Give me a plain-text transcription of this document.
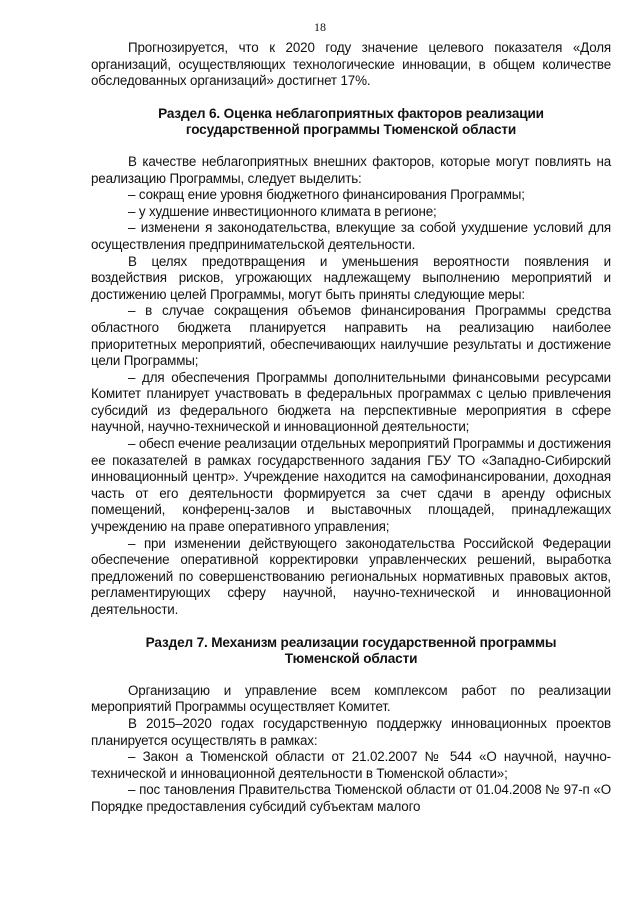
18

Прогнозируется, что к 2020 году значение целевого показателя «Доля организаций, осуществляющих технологические инновации, в общем количестве обследованных организаций» достигнет 17%.

Раздел 6. Оценка неблагоприятных факторов реализации
государственной программы Тюменской области

В качестве неблагоприятных внешних факторов, которые могут повлиять на реализацию Программы, следует выделить:

– сокращ ение уровня бюджетного финансирования Программы;

– у худшение инвестиционного климата в регионе;

– изменени я законодательства, влекущие за собой ухудшение условий для осуществления предпринимательской деятельности.

В целях предотвращения и уменьшения вероятности появления и воздействия рисков, угрожающих надлежащему выполнению мероприятий и достижению целей Программы, могут быть приняты следующие меры:

– в случае сокращения объемов финансирования Программы средства областного бюджета планируется направить на реализацию наиболее приоритетных мероприятий, обеспечивающих наилучшие результаты и достижение цели Программы;

– для обеспечения Программы дополнительными финансовыми ресурсами Комитет планирует участвовать в федеральных программах с целью привлечения субсидий из федерального бюджета на перспективные мероприятия в сфере научной, научно-технической и инновационной деятельности;

– обесп ечение реализации отдельных мероприятий Программы и достижения ее показателей в рамках государственного задания ГБУ ТО «Западно-Сибирский инновационный центр». Учреждение находится на самофинансировании, доходная часть от его деятельности формируется за счет сдачи в аренду офисных помещений, конференц-залов и выставочных площадей, принадлежащих учреждению на праве оперативного управления;

– при изменении действующего законодательства Российской Федерации обеспечение оперативной корректировки управленческих решений, выработка предложений по совершенствованию региональных нормативных правовых актов, регламентирующих сферу научной, научно-технической и инновационной деятельности.

Раздел 7. Механизм реализации государственной программы
Тюменской области

Организацию и управление всем комплексом работ по реализации мероприятий Программы осуществляет Комитет.

В 2015–2020 годах государственную поддержку инновационных проектов планируется осуществлять в рамках:

– Закон а Тюменской области от 21.02.2007 № 544 «О научной, научно-технической и инновационной деятельности в Тюменской области»;

– пос тановления Правительства Тюменской области от 01.04.2008 № 97-п «О Порядке предоставления субсидий субъектам малого
